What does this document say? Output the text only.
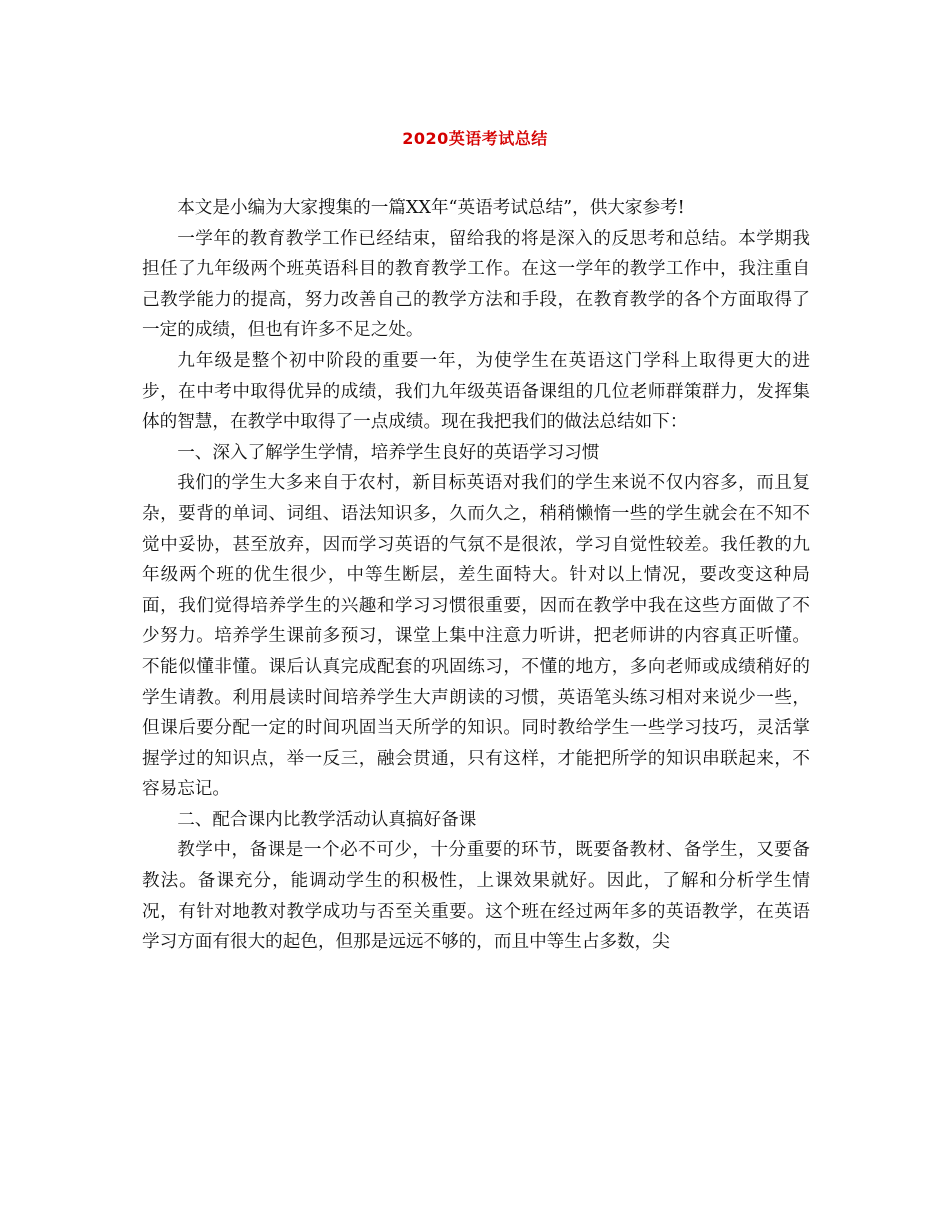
2020英语考试总结

本文是小编为大家搜集的一篇XX年“英语考试总结”，供大家参考!

一学年的教育教学工作已经结束，留给我的将是深入的反思考和总结。本学期我担任了九年级两个班英语科目的教育教学工作。在这一学年的教学工作中，我注重自己教学能力的提高，努力改善自己的教学方法和手段，在教育教学的各个方面取得了一定的成绩，但也有许多不足之处。

九年级是整个初中阶段的重要一年，为使学生在英语这门学科上取得更大的进步，在中考中取得优异的成绩，我们九年级英语备课组的几位老师群策群力，发挥集体的智慧，在教学中取得了一点成绩。现在我把我们的做法总结如下：

一、深入了解学生学情，培养学生良好的英语学习习惯

我们的学生大多来自于农村，新目标英语对我们的学生来说不仅内容多，而且复杂，要背的单词、词组、语法知识多，久而久之，稍稍懒惰一些的学生就会在不知不觉中妥协，甚至放弃，因而学习英语的气氛不是很浓，学习自觉性较差。我任教的九年级两个班的优生很少，中等生断层，差生面特大。针对以上情况，要改变这种局面，我们觉得培养学生的兴趣和学习习惯很重要，因而在教学中我在这些方面做了不少努力。培养学生课前多预习，课堂上集中注意力听讲，把老师讲的内容真正听懂。不能似懂非懂。课后认真完成配套的巩固练习，不懂的地方，多向老师或成绩稍好的学生请教。利用晨读时间培养学生大声朗读的习惯，英语笔头练习相对来说少一些，但课后要分配一定的时间巩固当天所学的知识。同时教给学生一些学习技巧，灵活掌握学过的知识点，举一反三，融会贯通，只有这样，才能把所学的知识串联起来，不容易忘记。

二、配合课内比教学活动认真搞好备课

教学中，备课是一个必不可少，十分重要的环节，既要备教材、备学生，又要备教法。备课充分，能调动学生的积极性，上课效果就好。因此，了解和分析学生情况，有针对地教对教学成功与否至关重要。这个班在经过两年多的英语教学，在英语学习方面有很大的起色，但那是远远不够的，而且中等生占多数，尖
